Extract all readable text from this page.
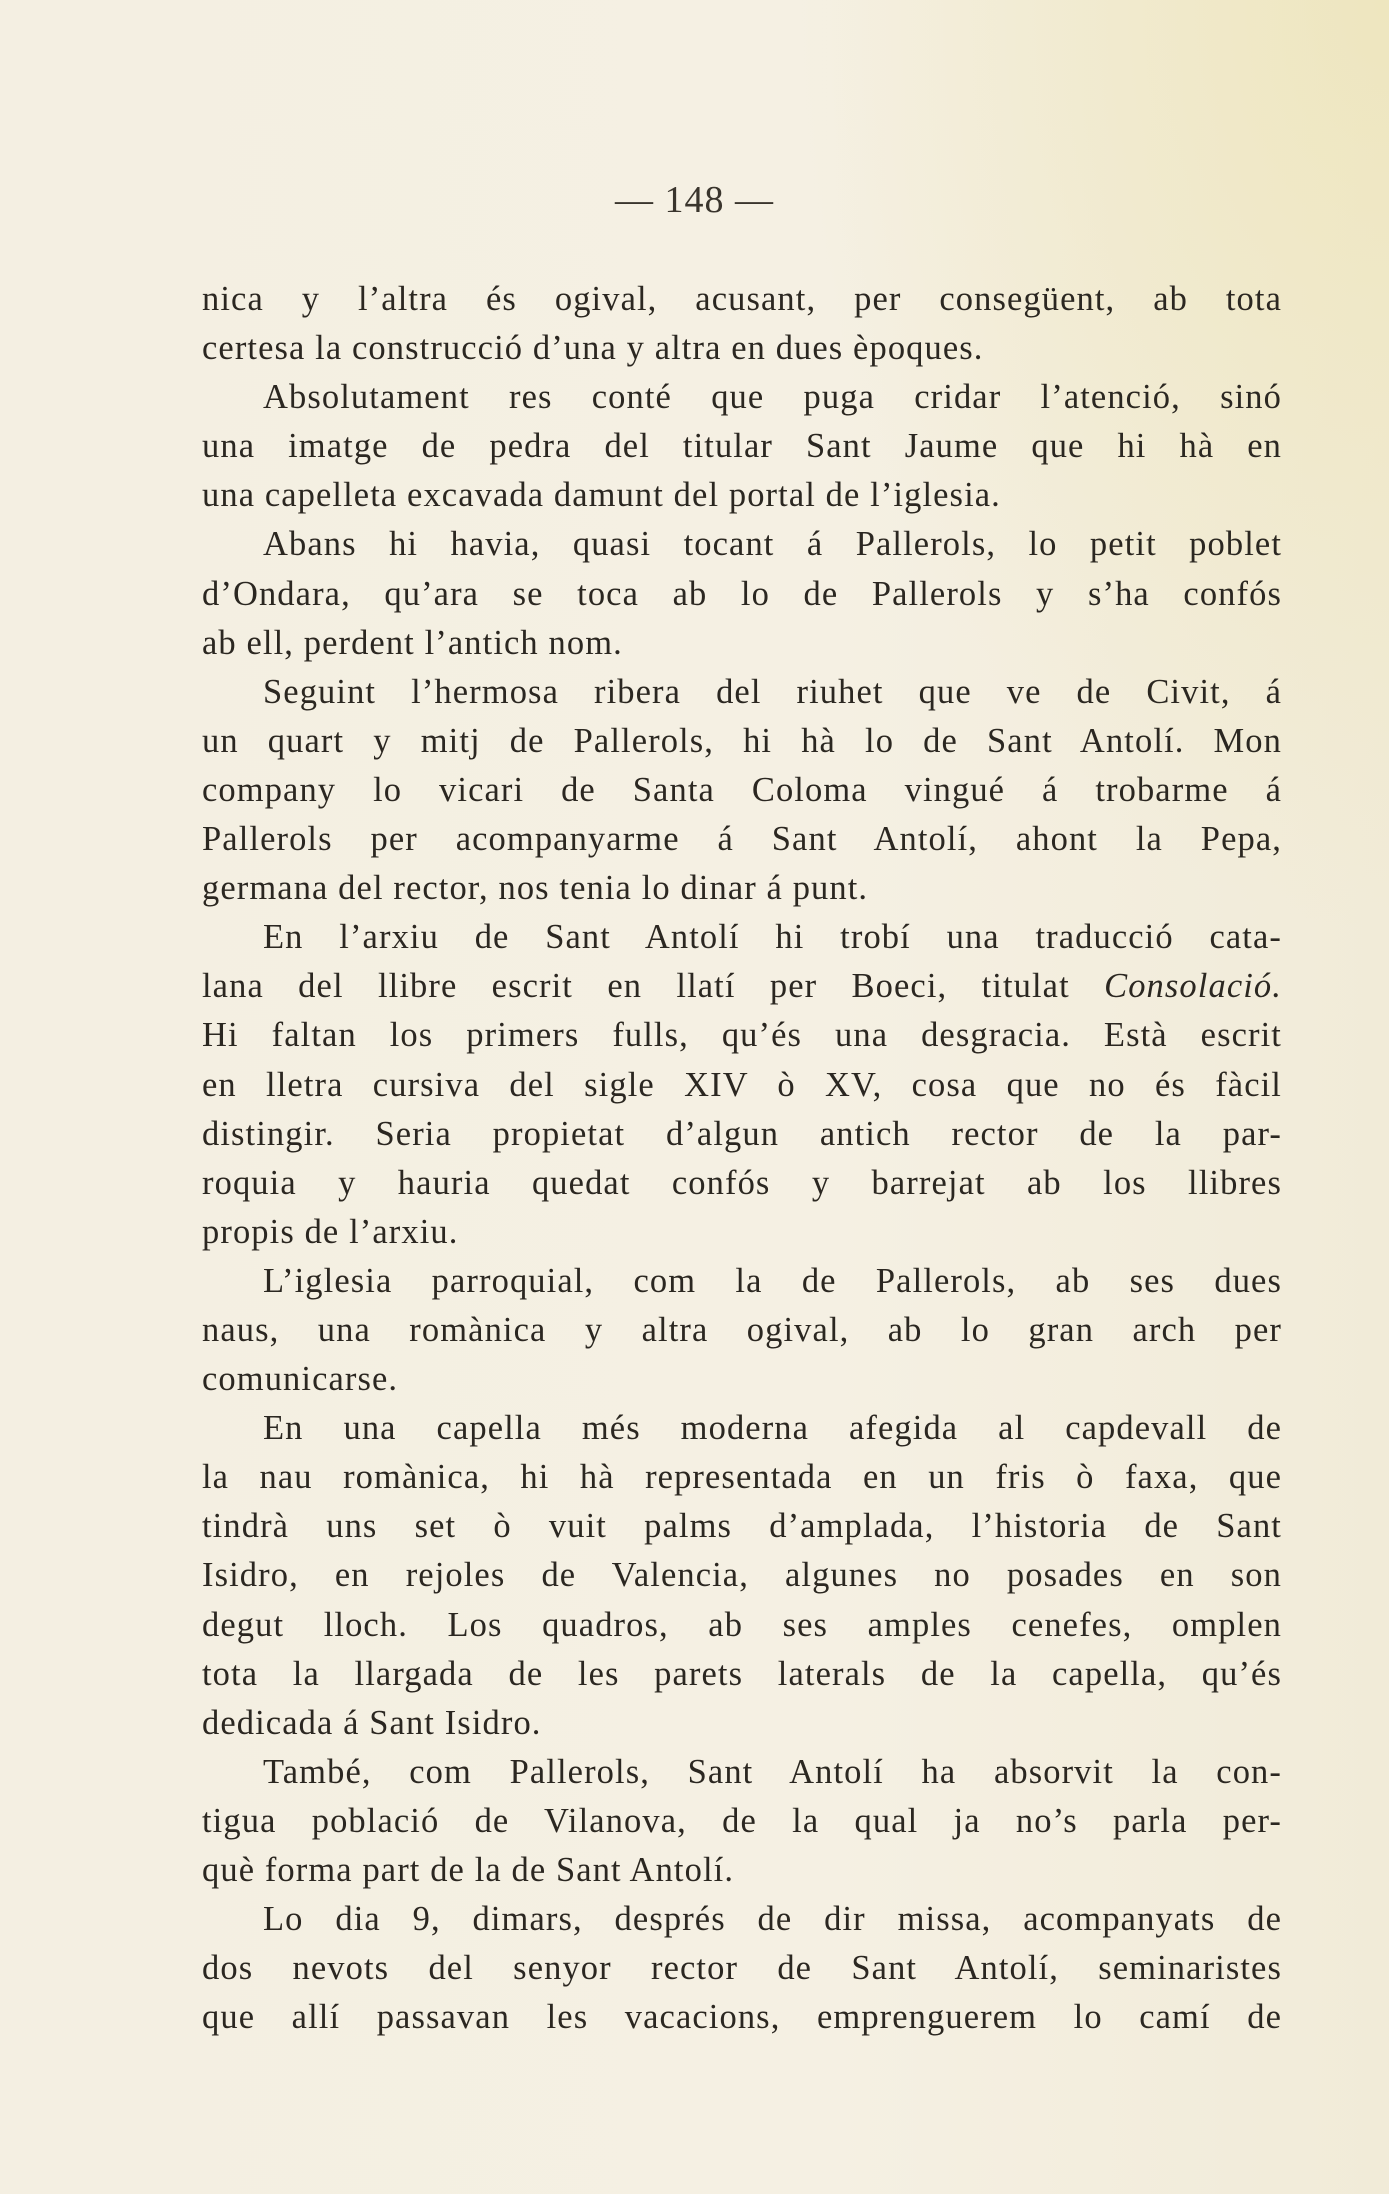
— 148 —
nica y l’altra és ogival, acusant, per consegüent, ab tota
certesa la construcció d’una y altra en dues èpoques.
Absolutament res conté que puga cridar l’atenció, sinó
una imatge de pedra del titular Sant Jaume que hi hà en
una capelleta excavada damunt del portal de l’iglesia.
Abans hi havia, quasi tocant á Pallerols, lo petit poblet
d’Ondara, qu’ara se toca ab lo de Pallerols y s’ha confós
ab ell, perdent l’antich nom.
Seguint l’hermosa ribera del riuhet que ve de Civit, á
un quart y mitj de Pallerols, hi hà lo de Sant Antolí. Mon
company lo vicari de Santa Coloma vingué á trobarme á
Pallerols per acompanyarme á Sant Antolí, ahont la Pepa,
germana del rector, nos tenia lo dinar á punt.
En l’arxiu de Sant Antolí hi trobí una traducció cata-
lana del llibre escrit en llatí per Boeci, titulat Consolació.
Hi faltan los primers fulls, qu’és una desgracia. Està escrit
en lletra cursiva del sigle XIV ò XV, cosa que no és fàcil
distingir. Seria propietat d’algun antich rector de la par-
roquia y hauria quedat confós y barrejat ab los llibres
propis de l’arxiu.
L’iglesia parroquial, com la de Pallerols, ab ses dues
naus, una romànica y altra ogival, ab lo gran arch per
comunicarse.
En una capella més moderna afegida al capdevall de
la nau romànica, hi hà representada en un fris ò faxa, que
tindrà uns set ò vuit palms d’amplada, l’historia de Sant
Isidro, en rejoles de Valencia, algunes no posades en son
degut lloch. Los quadros, ab ses amples cenefes, omplen
tota la llargada de les parets laterals de la capella, qu’és
dedicada á Sant Isidro.
També, com Pallerols, Sant Antolí ha absorvit la con-
tigua població de Vilanova, de la qual ja no’s parla per-
què forma part de la de Sant Antolí.
Lo dia 9, dimars, després de dir missa, acompanyats de
dos nevots del senyor rector de Sant Antolí, seminaristes
que allí passavan les vacacions, emprenguerem lo camí de
